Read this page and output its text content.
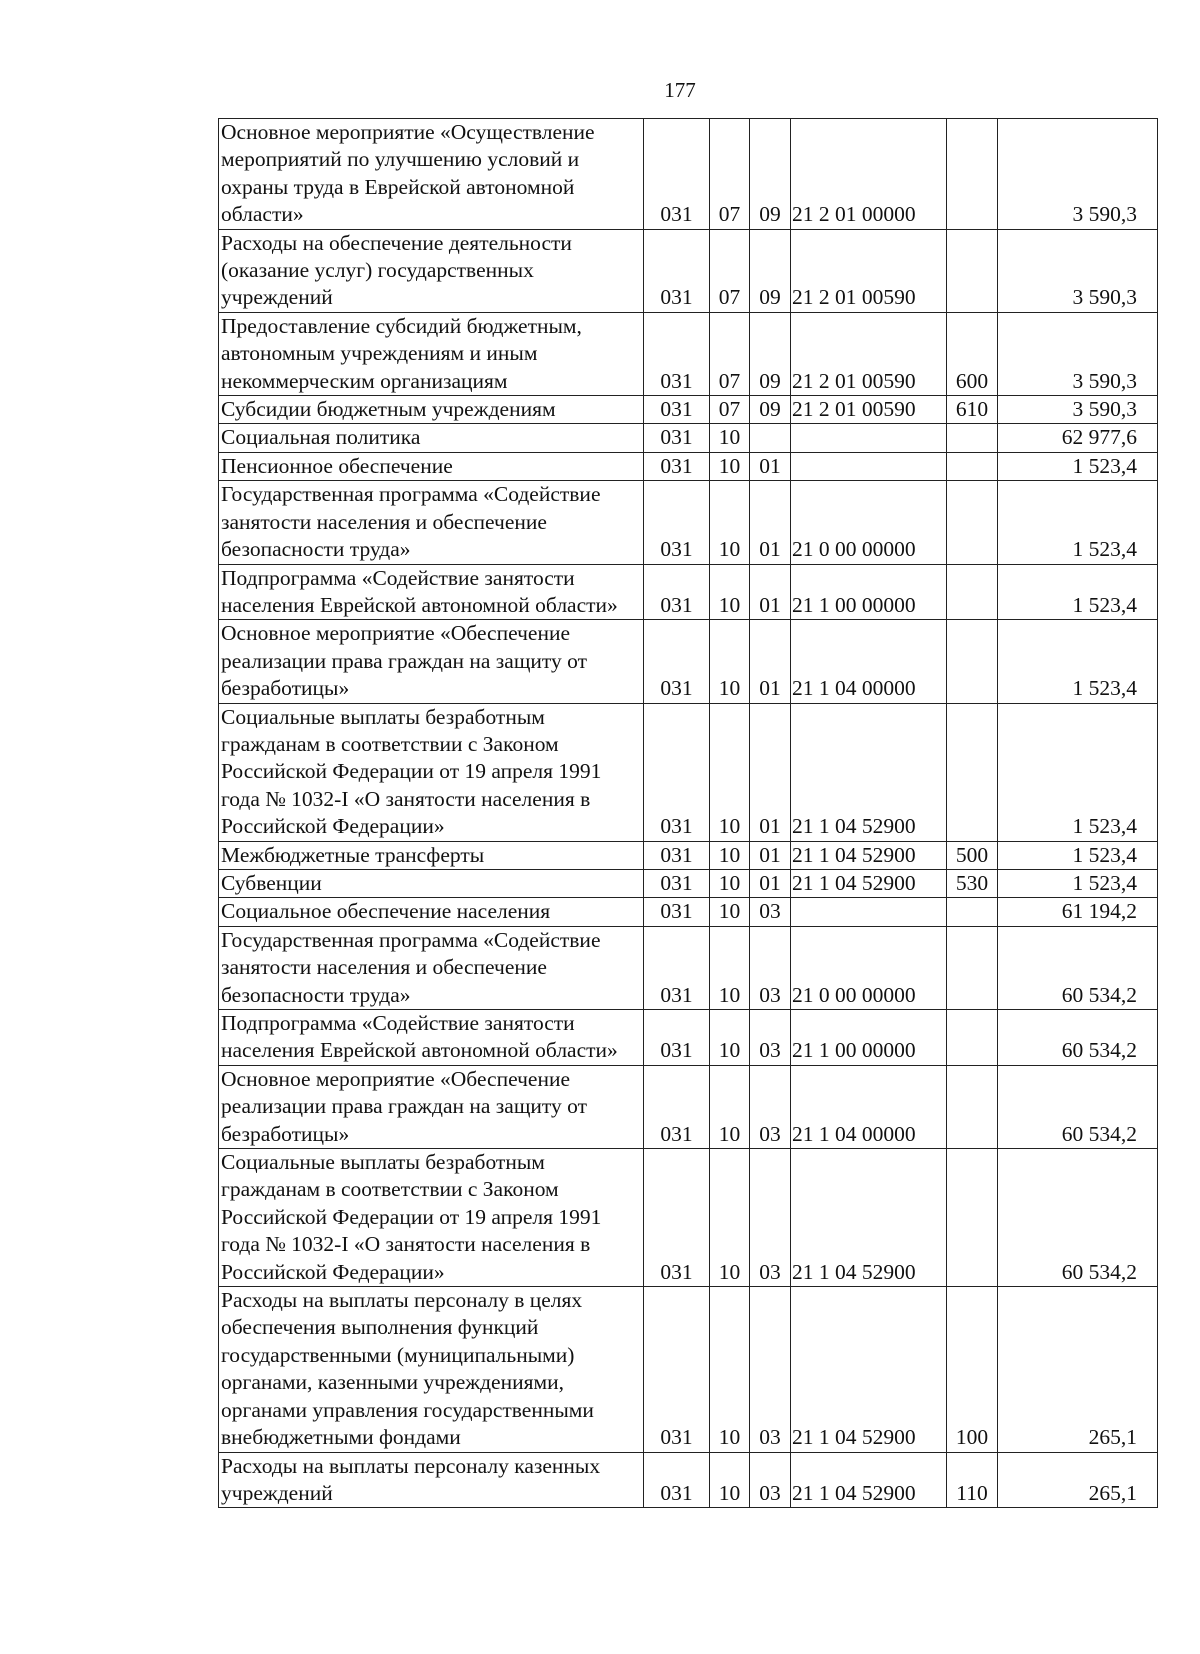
177
Основное мероприятие «Осуществление мероприятий по улучшению условий и охраны труда в Еврейской автономной области»	031	07	09	21 2 01 00000		3 590,3
Расходы на обеспечение деятельности (оказание услуг) государственных учреждений	031	07	09	21 2 01 00590		3 590,3
Предоставление субсидий бюджетным, автономным учреждениям и иным некоммерческим организациям	031	07	09	21 2 01 00590	600	3 590,3
Субсидии бюджетным учреждениям	031	07	09	21 2 01 00590	610	3 590,3
Социальная политика	031	10				62 977,6
Пенсионное обеспечение	031	10	01			1 523,4
Государственная программа «Содействие занятости населения и обеспечение безопасности труда»	031	10	01	21 0 00 00000		1 523,4
Подпрограмма «Содействие занятости населения Еврейской автономной области»	031	10	01	21 1 00 00000		1 523,4
Основное мероприятие «Обеспечение реализации права граждан на защиту от безработицы»	031	10	01	21 1 04 00000		1 523,4
Социальные выплаты безработным гражданам в соответствии с Законом Российской Федерации от 19 апреля 1991 года № 1032-I «О занятости населения в Российской Федерации»	031	10	01	21 1 04 52900		1 523,4
Межбюджетные трансферты	031	10	01	21 1 04 52900	500	1 523,4
Субвенции	031	10	01	21 1 04 52900	530	1 523,4
Социальное обеспечение населения	031	10	03			61 194,2
Государственная программа «Содействие занятости населения и обеспечение безопасности труда»	031	10	03	21 0 00 00000		60 534,2
Подпрограмма «Содействие занятости населения Еврейской автономной области»	031	10	03	21 1 00 00000		60 534,2
Основное мероприятие «Обеспечение реализации права граждан на защиту от безработицы»	031	10	03	21 1 04 00000		60 534,2
Социальные выплаты безработным гражданам в соответствии с Законом Российской Федерации от 19 апреля 1991 года № 1032-I «О занятости населения в Российской Федерации»	031	10	03	21 1 04 52900		60 534,2
Расходы на выплаты персоналу в целях обеспечения выполнения функций государственными (муниципальными) органами, казенными учреждениями, органами управления государственными внебюджетными фондами	031	10	03	21 1 04 52900	100	265,1
Расходы на выплаты персоналу казенных учреждений	031	10	03	21 1 04 52900	110	265,1
